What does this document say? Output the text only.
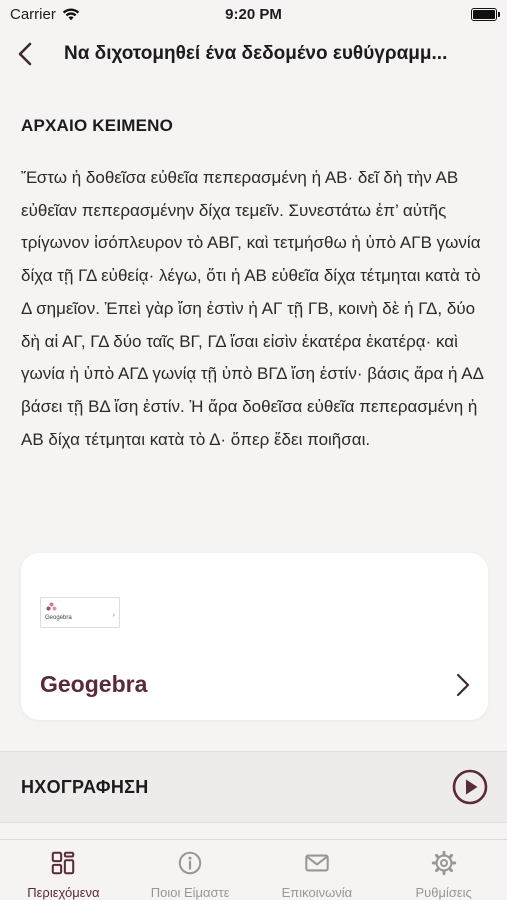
Carrier	9:20 PM
Να διχοτομηθεί ένα δεδομένο ευθύγραμμ...
ΑΡΧΑΙΟ ΚΕΙΜΕΝΟ

Ἔστω ἡ δοθεῖσα εὐθεῖα πεπερασμένη ἡ ΑΒ· δεῖ δὴ τὴν ΑΒ εὐθεῖαν πεπερασμένην δίχα τεμεῖν. Συνεστάτω ἐπ’ αὐτῆς τρίγωνον ἰσόπλευρον τὸ ΑΒΓ, καὶ τετμήσθω ἡ ὑπὸ ΑΓΒ γωνία δίχα τῇ ΓΔ εὐθείᾳ· λέγω, ὅτι ἡ ΑΒ εὐθεῖα δίχα τέτμηται κατὰ τὸ Δ σημεῖον. Ἐπεὶ γὰρ ἴση ἐστὶν ἡ ΑΓ τῇ ΓΒ, κοινὴ δὲ ἡ ΓΔ, δύο δὴ αἱ ΑΓ, ΓΔ δύο ταῖς ΒΓ, ΓΔ ἴσαι εἰσὶν ἑκατέρα ἑκατέρᾳ· καὶ γωνία ἡ ὑπὸ ΑΓΔ γωνίᾳ τῇ ὑπὸ ΒΓΔ ἴση ἐστίν· βάσις ἄρα ἡ ΑΔ βάσει τῇ ΒΔ ἴση ἐστίν. Ἡ ἄρα δοθεῖσα εὐθεῖα πεπερασμένη ἡ ΑΒ δίχα τέτμηται κατὰ τὸ Δ· ὅπερ ἔδει ποιῆσαι.

Geogebra	›
Geogebra
ΗΧΟΓΡΑΦΗΣΗ
Περιεχόμενα	Ποιοι Είμαστε	Επικοινωνία	Ρυθμίσεις
